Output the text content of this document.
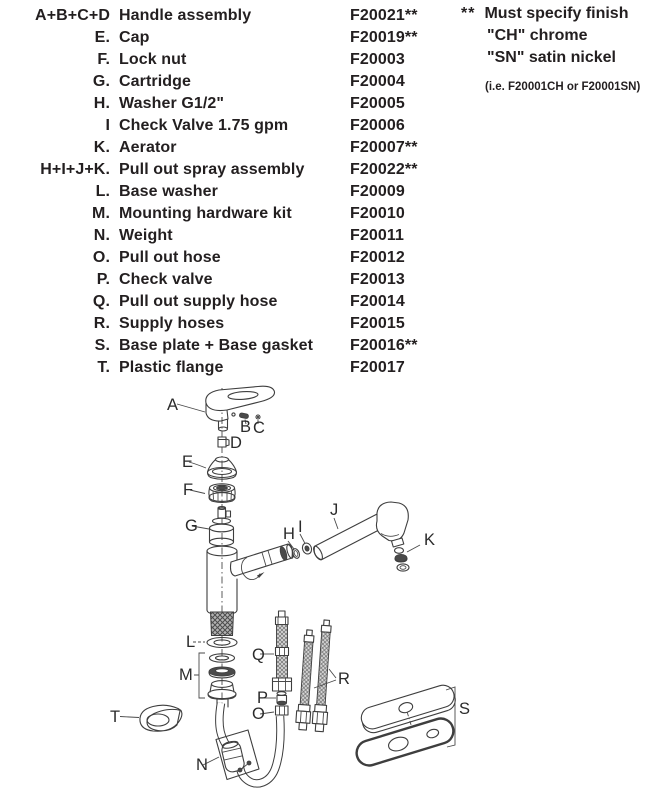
A
B C
D
E
F
G	H I
J
K
L
M
N
O
P
Q
R
S
T
A+B+C+D Handle assembly	F20021**
E. Cap	F20019**
F. Lock nut	F20003
G. Cartridge	F20004
H. Washer G1/2"	F20005
I Check Valve 1.75 gpm	F20006
K. Aerator	F20007**
H+I+J+K. Pull out spray assembly	F20022**
L. Base washer	F20009
M. Mounting hardware kit	F20010
N. Weight	F20011
O. Pull out hose	F20012
P. Check valve	F20013
Q. Pull out supply hose	F20014
R. Supply hoses	F20015
S. Base plate + Base gasket	F20016**
T. Plastic flange	F20017
** Must specify finish
"CH" chrome
"SN" satin nickel
(i.e. F20001CH or F20001SN)
